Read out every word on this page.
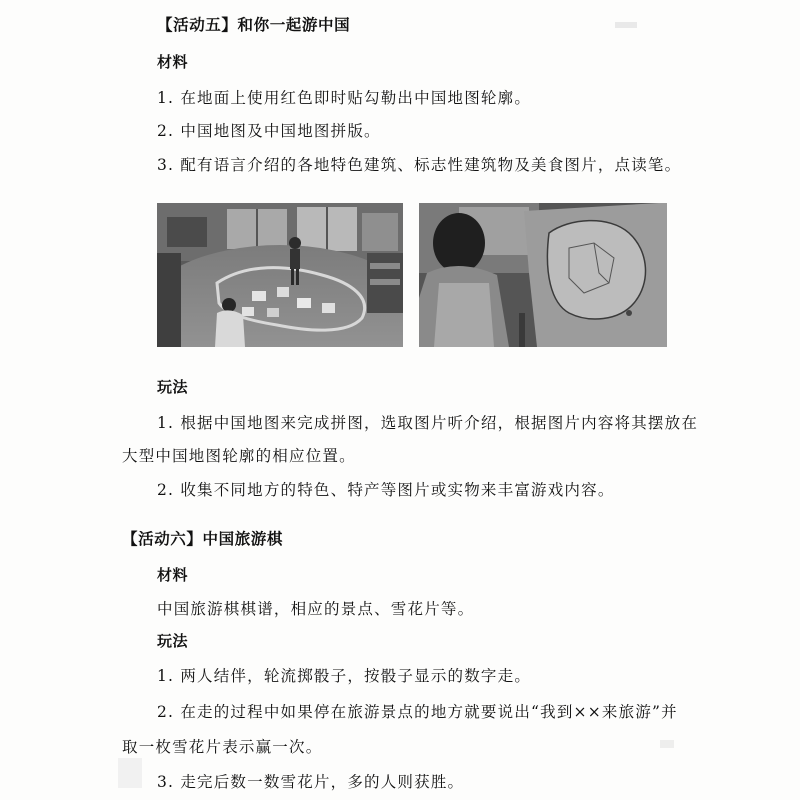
【活动五】和你一起游中国
材料
1. 在地面上使用红色即时贴勾勒出中国地图轮廓。
2. 中国地图及中国地图拼版。
3. 配有语言介绍的各地特色建筑、标志性建筑物及美食图片，点读笔。
玩法
1. 根据中国地图来完成拼图，选取图片听介绍，根据图片内容将其摆放在
大型中国地图轮廓的相应位置。
2. 收集不同地方的特色、特产等图片或实物来丰富游戏内容。
【活动六】中国旅游棋
材料
中国旅游棋棋谱，相应的景点、雪花片等。
玩法
1. 两人结伴，轮流掷骰子，按骰子显示的数字走。
2. 在走的过程中如果停在旅游景点的地方就要说出“我到××来旅游”并
取一枚雪花片表示赢一次。
3. 走完后数一数雪花片，多的人则获胜。
